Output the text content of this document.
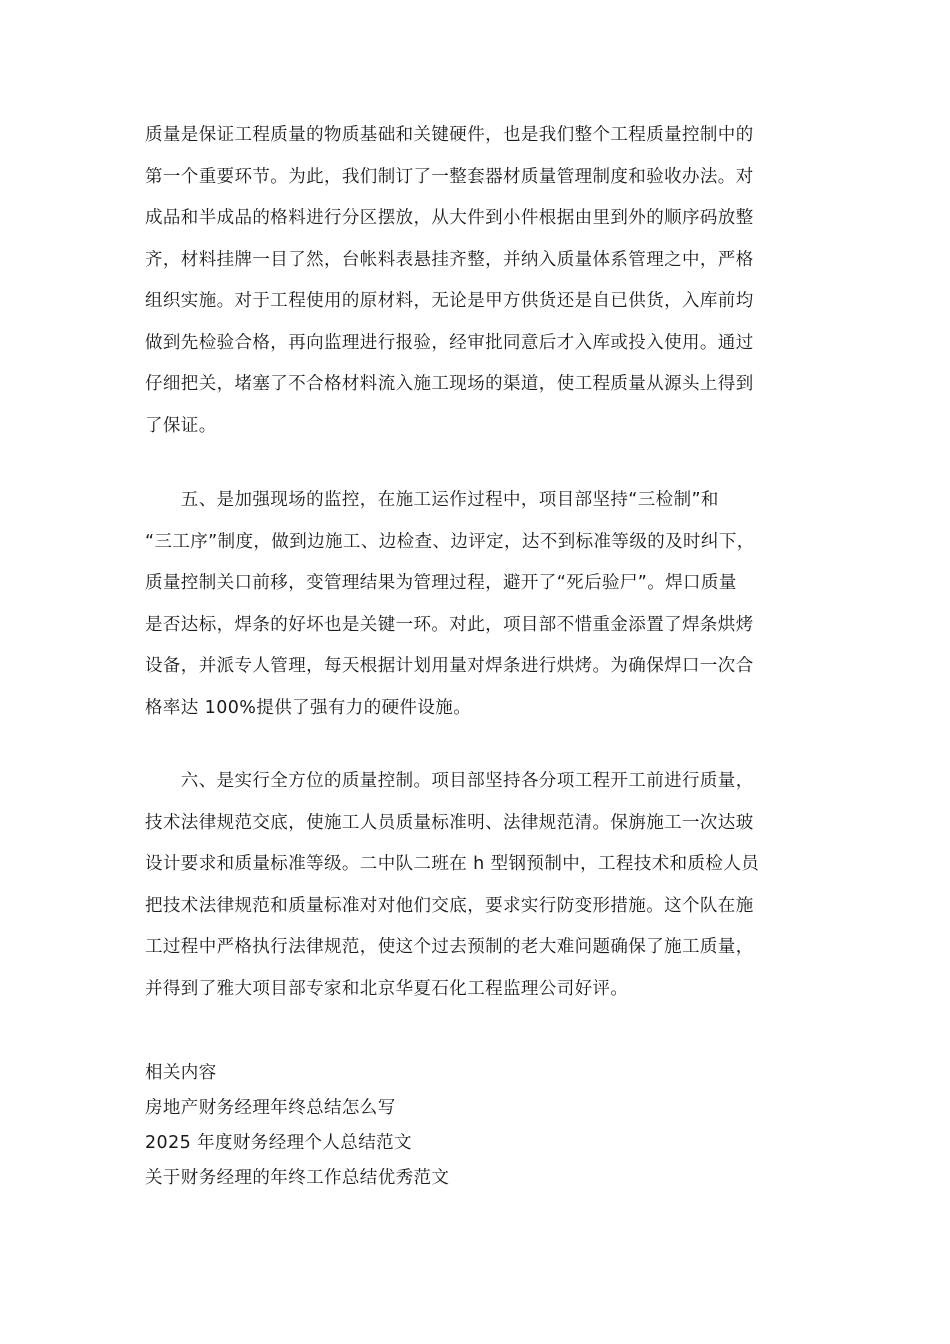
质量是保证工程质量的物质基础和关键硬件，也是我们整个工程质量控制中的
第一个重要环节。为此，我们制订了一整套器材质量管理制度和验收办法。对
成品和半成品的格料进行分区摆放，从大件到小件根据由里到外的顺序码放整
齐，材料挂牌一目了然，台帐料表悬挂齐整，并纳入质量体系管理之中，严格
组织实施。对于工程使用的原材料，无论是甲方供货还是自已供货，入库前均
做到先检验合格，再向监理进行报验，经审批同意后才入库或投入使用。通过
仔细把关，堵塞了不合格材料流入施工现场的渠道，使工程质量从源头上得到
了保证。
　　五、是加强现场的监控，在施工运作过程中，项目部坚持“三检制”和
“三工序”制度，做到边施工、边检查、边评定，达不到标准等级的及时纠下，
质量控制关口前移，变管理结果为管理过程，避开了“死后验尸”。焊口质量
是否达标，焊条的好坏也是关键一环。对此，项目部不惜重金添置了焊条烘烤
设备，并派专人管理，每天根据计划用量对焊条进行烘烤。为确保焊口一次合
格率达 100%提供了强有力的硬件设施。
　　六、是实行全方位的质量控制。项目部坚持各分项工程开工前进行质量，
技术法律规范交底，使施工人员质量标准明、法律规范清。保旃施工一次达玻
设计要求和质量标准等级。二中队二班在 h 型钢预制中，工程技术和质检人员
把技术法律规范和质量标准对对他们交底，要求实行防变形措施。这个队在施
工过程中严格执行法律规范，使这个过去预制的老大难问题确保了施工质量，
并得到了雅大项目部专家和北京华夏石化工程监理公司好评。
相关内容
房地产财务经理年终总结怎么写
2025 年度财务经理个人总结范文
关于财务经理的年终工作总结优秀范文
